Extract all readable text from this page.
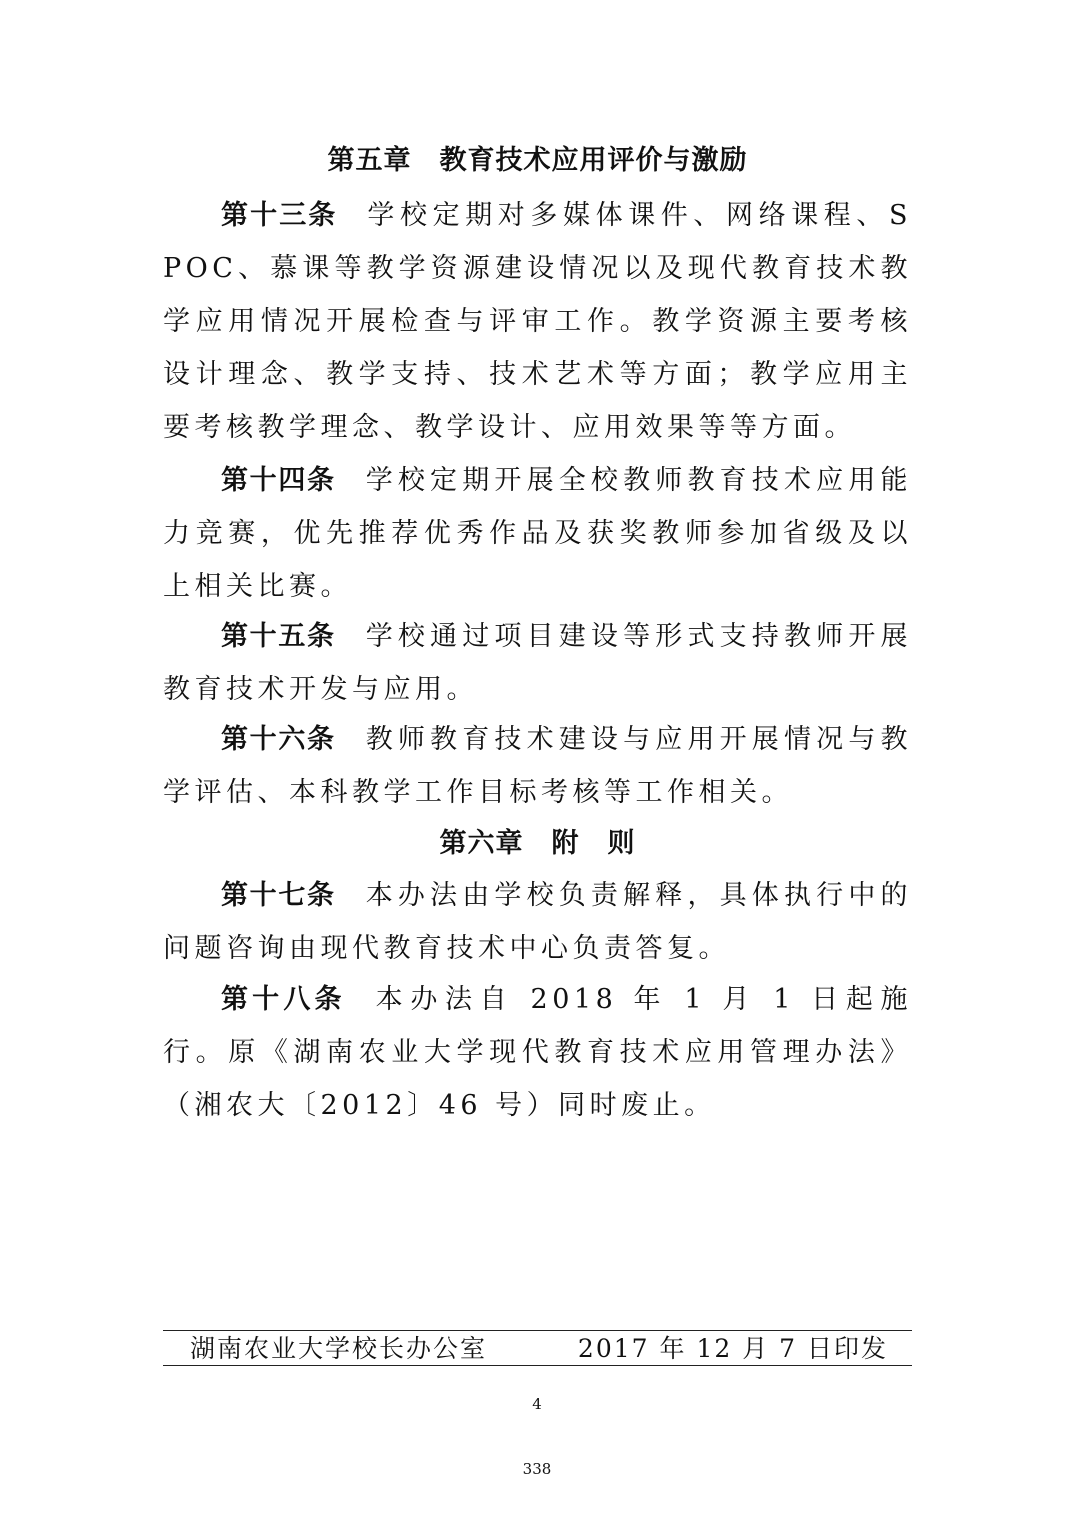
第五章　教育技术应用评价与激励
第十三条 学校定期对多媒体课件、网络课程、SPOC、慕课等教学资源建设情况以及现代教育技术教学应用情况开展检查与评审工作。教学资源主要考核设计理念、教学支持、技术艺术等方面；教学应用主要考核教学理念、教学设计、应用效果等等方面。
第十四条 学校定期开展全校教师教育技术应用能力竞赛，优先推荐优秀作品及获奖教师参加省级及以上相关比赛。
第十五条 学校通过项目建设等形式支持教师开展教育技术开发与应用。
第十六条 教师教育技术建设与应用开展情况与教学评估、本科教学工作目标考核等工作相关。
第六章　附　则
第十七条 本办法由学校负责解释，具体执行中的问题咨询由现代教育技术中心负责答复。
第十八条 本办法自 2018 年 1 月 1 日起施行。原《湖南农业大学现代教育技术应用管理办法》（湘农大〔2012〕46 号）同时废止。
湖南农业大学校长办公室	2017 年 12 月 7 日印发
4
338
